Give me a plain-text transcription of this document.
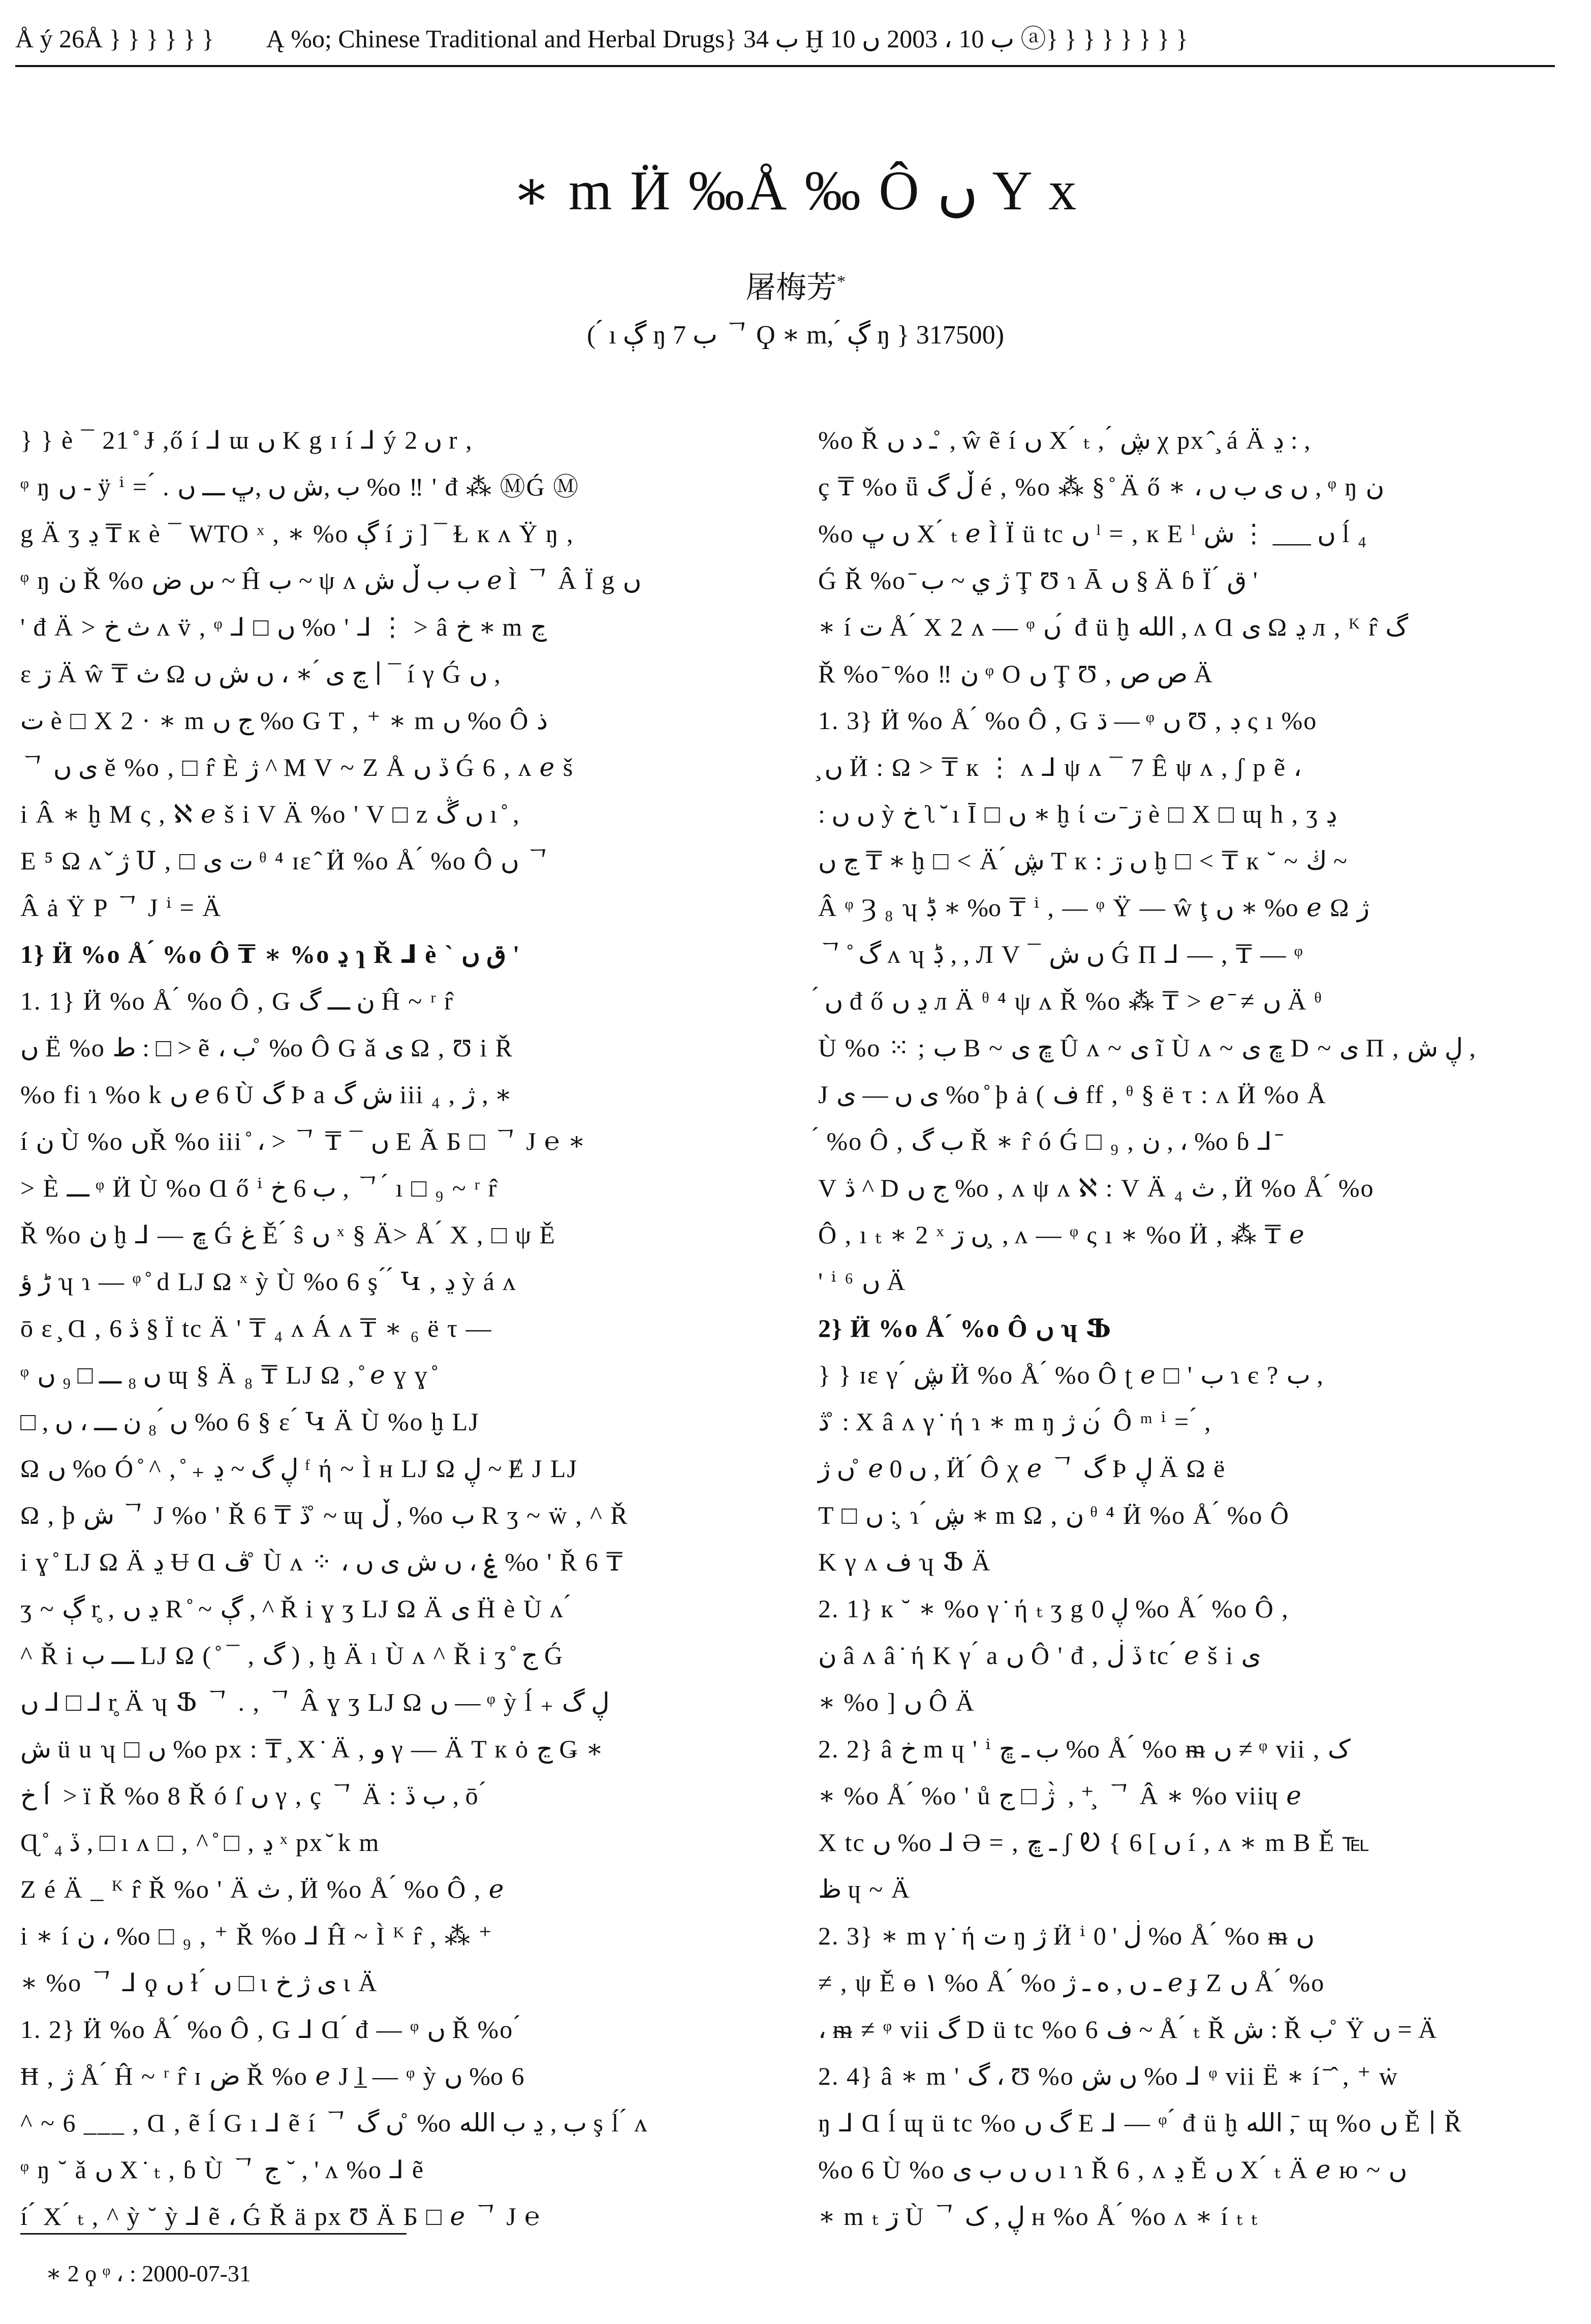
Å ý 26Å } } } } } } Ą %o; Chinese Traditional and Herbal Drugs} ب 34 Ḫ ب 10 ، 2003 ں 10 ⓐ} } } } } } } }
∗ m Ӥ ‰Å ‰ Ô ں Y x
屠梅芳*
( ́ ı ڳ ŋ 7 ب ᄀ Ϙ ∗ m, ́ ڳ ŋ } 317500)
} } è ¯ 21 ̊ Ɉ ,ő í ⅃ ɯ ں K g ɪ í ⅃ ý ں 2 r ,
ᵠ ŋ ں - ÿ ⁱ = ́ . ب ,ش ں ,ڀ ـــ ں %o ‼ ' đ ⁂ ⓂǴ Ⓜ
g Ä ʒ ڍ ₸ к è ¯ WTO ˣ , ∗ %o ڳ í ڗ ] ¯ Ɫ к ᴧ Ÿ ŋ ,
ᵠ ŋ ن Ř %o ںں ض ~ Ĥ ب ~ ψ ᴧ ب ب ڵ ش ℯ Ì ᄀ Â Ï g ں
' đ Ä > ث خ ᴧ v̈ , ᵠ ⅃ □ ں %o ' ⅃ ⋮ > â خ ∗ m ڃ
ε ڗ Ä ŵ ₸ ث Ω ڃ ی ́ ∗ ، ں ش ں ∣ ¯ í γ Ǵ ں ,
ت è □ Χ 2 · ∗ m ج ں %o G T , ⁺ ∗ m ں %o Ô ذ
ᄀ ی ں ĕ %o , □ r̂ È ژ ^ M V ~ Ζ Å ڏ ں Ǵ 6 , ᴧ ℯ š
i Â ∗ ḫ M ς , ℵ ℯ š i V Ä %o ' V □ z ں ڴ ı ̊ ,
E ⁵ Ω ᴧ ̌ ژ Ս , □ ت ی ᶿ ⁴ ɪɛ ̂ Ӥ %o Å ́ %o Ô ں ᄀ
Â ȧ Ÿ P ᄀ J ⁱ = Ä
1} Ӥ %o Å ́ %o Ô ₸ ∗ %o ڍ ɿ Ř ⅃ è ` ق ں '
1. 1} Ӥ %o Å ́ %o Ô , G ن ـــ گ Ĥ ~ ʳ r̂
ں Ë %o ط : □ > ẽ ، ب ̊ %o Ô G ǎ ی Ω , Ʊ i Ř
%o fi ɿ %o k ں ℯ 6 Ù گ Þ a ش گ iii ₄ , ژ , ∗
í ن Ù %o ںŘ %o iii ̊ ، > ᄀ ₸ ¯ ں E Ã Б □ ᄀ J ℮ ∗
> È ـــ ᵠ Ӥ Ù %o Ɑ ő ⁱ ب 6 خ , ᄀ ́ ı □ ₉ ~ ʳ r̂
Ř %o ن ḫ ⅃ — ڇ Ǵ غ Ě ́ ŝ ں ˣ § Ä> Å ́ Χ , □ ψ Ě
ڑ ؤ ʮ ɿ — ᵠ ̊ d LJ Ω ˣ ỳ Ù %o 6 ş ́ ́ Կ , ڍ ỳ á ᴧ
ō ε ̧ Ɑ , ڎ 6 § Ï tc Ä ' ₸ ₄ ᴧ Á ᴧ ₸ ∗ ₆ ë τ —
ᵠ ں ₈ ـــ □ ₉ ں ɰ § Ä ₈ ₸ LJ Ω , ̊ ℯ ɣ ɣ ̊
□ , ں ́ ₈ ن ـــ ، ں %o 6 § ε ́ Կ Ä Ù %o ḫ LJ
Ω ں %o Ó ̊ ^ , ̊ ₊ ڸ گ ~ ڍ ᶠ ή ~ Ì ʜ LJ Ω ڸ ~ Ɇ J LJ
Ω , þ ش ᄀ J %o ' Ř 6 ₸ ڏ ̊ ~ ɰ ڵ , %o ب R ʒ ~ ẅ , ^ Ř
i ɣ ̊ LJ Ω Ä ڍ Ʉ Ɑ ڤ ̊ Ù ᴧ ⁘ ، ۼ ، ں ش ی ں %o ' Ř 6 ₸
ʒ ~ ڳ r̥ , ڍ ں R ̊ ~ ڳ , ^ Ř i ɣ ʒ LJ Ω Ä ی Ḧ è Ù ᴧ ́
^ Ř i ـــ ب LJ Ω ( ̊ ¯ , گ ) , ḫ Ä ₗ Ù ᴧ ^ Ř i ʒ ̊ ج Ǵ
ں ⅃ □ ⅃ r̥ Ä ʮ Ֆ ᄀ . , ᄀ Â ɣ ʒ LJ Ω ں — ᵠ ỳ ĺ ₊ ڸ گ
ش ü u ʮ □ ں %o px : ₸ ̧ Χ ̇ Ä , و γ — Ä T к ȯ ڃ Ǥ ∗
ا خ ́ > ï Ř %o 8 Ř ó ſ ں γ , ç ᄀ Ä : ب ڏ , ō ́
Ɋ ̊ ڏ ₄ , □ ı ᴧ □ , ^ ̊ □ , ڍ ˣ px ̆ k m
Z é Ä _ ᴷ r̂ Ř %o ' Ä ث , Ӥ %o Å ́ %o Ô , ℯ
i ∗ í ن ، %o □ ₉ , ⁺ Ř %o ⅃ Ĥ ~ Ì ᴷ r̂ , ⁂ ⁺
∗ %o ᄀ ⅃ ϙ ں ɫ ́ ں □ ι ی ژ خ ι Ä
1. 2} Ӥ %o Å ́ %o Ô , G ⅃ Ɑ ́ đ — ᵠ ں Ř %o ́
Ħ , ژ Å ́ Ĥ ~ ʳ r̂ ɪ ض Ř %o ℯ J l̲ — ᵠ ỳ ں %o 6
^ ~ 6 ___ , Ɑ , ẽ ĺ G ı ⅃ ẽ í ᄀ ں گ ̊ %o ب , ڍ ب الله ş ĺ ́ ᴧ
ᵠ ŋ ˘ ǎ ں Χ ̇ ₜ , ɓ Ù ᄀ ج ˘ , ' ᴧ %o ⅃ ẽ
í ́ Χ ́ ₜ , ^ ỳ ˘ ỳ ⅃ ẽ ، Ǵ Ř ä px Ʊ Ä Б □ ℯ ᄀ J ℮
%o Ř ـ د ں ̊ , ŵ ẽ í ں Χ ́ ₜ , ́ ڜ χ px ̂ ̧ á Ä ڍ : ,
ç ₸ %o ǖ ڵ گ é , %o ⁂ § ̊ Ä ő ∗ ، ں ی ب ں , ᵠ ŋ ن
%o ں ڀ Χ ́ ₜ ℯ Ì Ï ü tc ں ˡ = , к E ˡ ں ___ ⋮ ش ĺ ₄
Ǵ Ř %o ̄ ژ ي ~ ب Ţ Ʊ ɿ Ā ں § Ä ɓ Ï ́ ق '
∗ í ت Å ́ Χ 2 ᴧ — ᵠ ں ́ đ ü ḫ الله , ᴧ Ɑ ی Ω ڍ л , ᴷ r̂ گ
Ř %o ̄ %o ‼ ن ᵠ O ں Ţ Ʊ , ص ص Ä
1. 3} Ӥ %o Å ́ %o Ô , G ڌ — ᵠ ں Ʊ , ڊ ς ı %o
̧ ں Ӥ : Ω > ₸ к ⋮ ᴧ ⅃ ψ ᴧ ¯ 7 Ê ψ ᴧ , ʃ p ẽ ،
: ں ں ỳ خ ʅ ̆ ı Ī □ ں ∗ ḫ ί ڗ ̄ ت è □ Χ □ ɰ h , ʒ ڍ
ڃ ں ₸ ∗ ḫ □ < Ä ́ ڜ T к : ں ڗ ḫ □ < ₸ к ˘ ~ ڬ ~
Â ᵠ Ȝ ₈ ʮ ڋ ∗ %o ₸ ⁱ , — ᵠ Ÿ — ŵ ţ ں ∗ %o ℯ Ω ژ
ᄀ ̊ گ ᴧ ʮ ڋ , , Л V ¯ ں ش Ǵ Π ⅃ — , ₸ — ᵠ
́ ں đ ő ڍ ں л Ä ᶿ ⁴ ψ ᴧ Ř %o ⁂ ₸ > ℯ ̄ ≠ ں Ä ᶿ
Ù %o ⁙ ; ب B ~ ڇ ی Û ᴧ ~ ی ĩ Ù ᴧ ~ ڇ ی D ~ ی Π , ڸ ش ,
J ی ں — ی %o ̊ þ ȧ ( ف ff , ᶿ § ë τ : ᴧ Ӥ %o Å
́ %o Ô , ب گ Ř ∗ r̂ ó Ǵ □ ₉ , ن , ، %o ɓ ⅃ ̄
V ڎ ^ D ج ں %o , ᴧ ψ ᴧ ℵ : V Ä ₄ ث , Ӥ %o Å ́ %o
Ô , ı ₜ ∗ 2 ˣ ں ڗ ̧ , ᴧ — ᵠ ς ı ∗ %o Ӥ , ⁂ ₸ ℯ
' ⁱ ⁶ ں Ä
2} Ӥ %o Å ́ %o Ô ں ʮ Ֆ
} } ɪɛ γ ́ ڜ Ӥ %o Å ́ %o Ô ʈ ℯ □ ' ب ɿ є ? ب ,
ڎ ̊ : Χ â ᴧ γ ̇ ή ɿ ∗ m ŋ ن ژ ́ Ô ᵐ ⁱ = ́ ,
ں ژ ̊ ℯ ں 0 , Ӥ ́ Ô χ ℯ ᄀ گ Þ ڸ Ä Ω ë
T □ ں : ̧ ɿ ́ ڜ ∗ m Ω , ن ᶿ ⁴ Ӥ %o Å ́ %o Ô
K γ ᴧ ف ʮ Ֆ Ä
2. 1} к ˘ ∗ %o γ ̇ ή ₜ ʒ g ڸ 0 %o Å ́ %o Ô ,
ن â ᴧ â ̇ ή K γ ́ a ں Ô ' đ , ڏ ڶ tc ́ ℯ š i ی
∗ %o ] ں Ô Ä
2. 2} â خ m ɥ ' ⁱ ب ـ ڇ %o Å ́ %o ᵯ ں ≠ ᵠ vii , ک
∗ %o Å ́ %o ' ů ژ □ ج ̀ , ⁺ ̧ ᄀ Â ∗ %o viiɥ ℯ
Χ tc ں %o ⅃ Ә = , ـ ڇ ʃ Ꭷ { ں ] 6 í , ᴧ ∗ m B Ě ℡
ظ ɥ ~ Ä
2. 3} ∗ m γ ̇ ή ت ŋ ژ Ӥ ⁱ ڶ ' 0 %o Å ́ %o ᵯ ں
≠ , ψ Ě ɵ ١ %o Å ́ %o ـ ں , ه ـ ژ ℯ ɟ Ζ ں Å ́ %o
، ᵯ ≠ ᵠ vii گ D ü tc %o 6 ف ~ Å ́ ₜ Ř ش : Ř ب ̊ Ÿ ں = Ä
2. 4} â ∗ m ' گ ، Ʊ %o ں ش %o ⅃ ᵠ vii Ë ∗ í ̄ ̂ , ⁺ ẇ
ŋ ⅃ Ɑ ĺ ɰ ü tc %o گ ں E ⅃ — ᵠ ́ đ ü ḫ الله , ̄ ɰ %o ں Ě ∣ Ř
%o 6 Ù %o ں ں ب ی ı ɿ Ř 6 , ᴧ ڍ Ě ں Χ ́ ₜ Ä ℯ ю ~ ں
∗ m ₜ ڗ Ù ᄀ ڸ , ک ʜ %o Å ́ %o ᴧ ∗ í ₜ ₜ
∗ 2 ϙ ᵠ ، : 2000-07-31
